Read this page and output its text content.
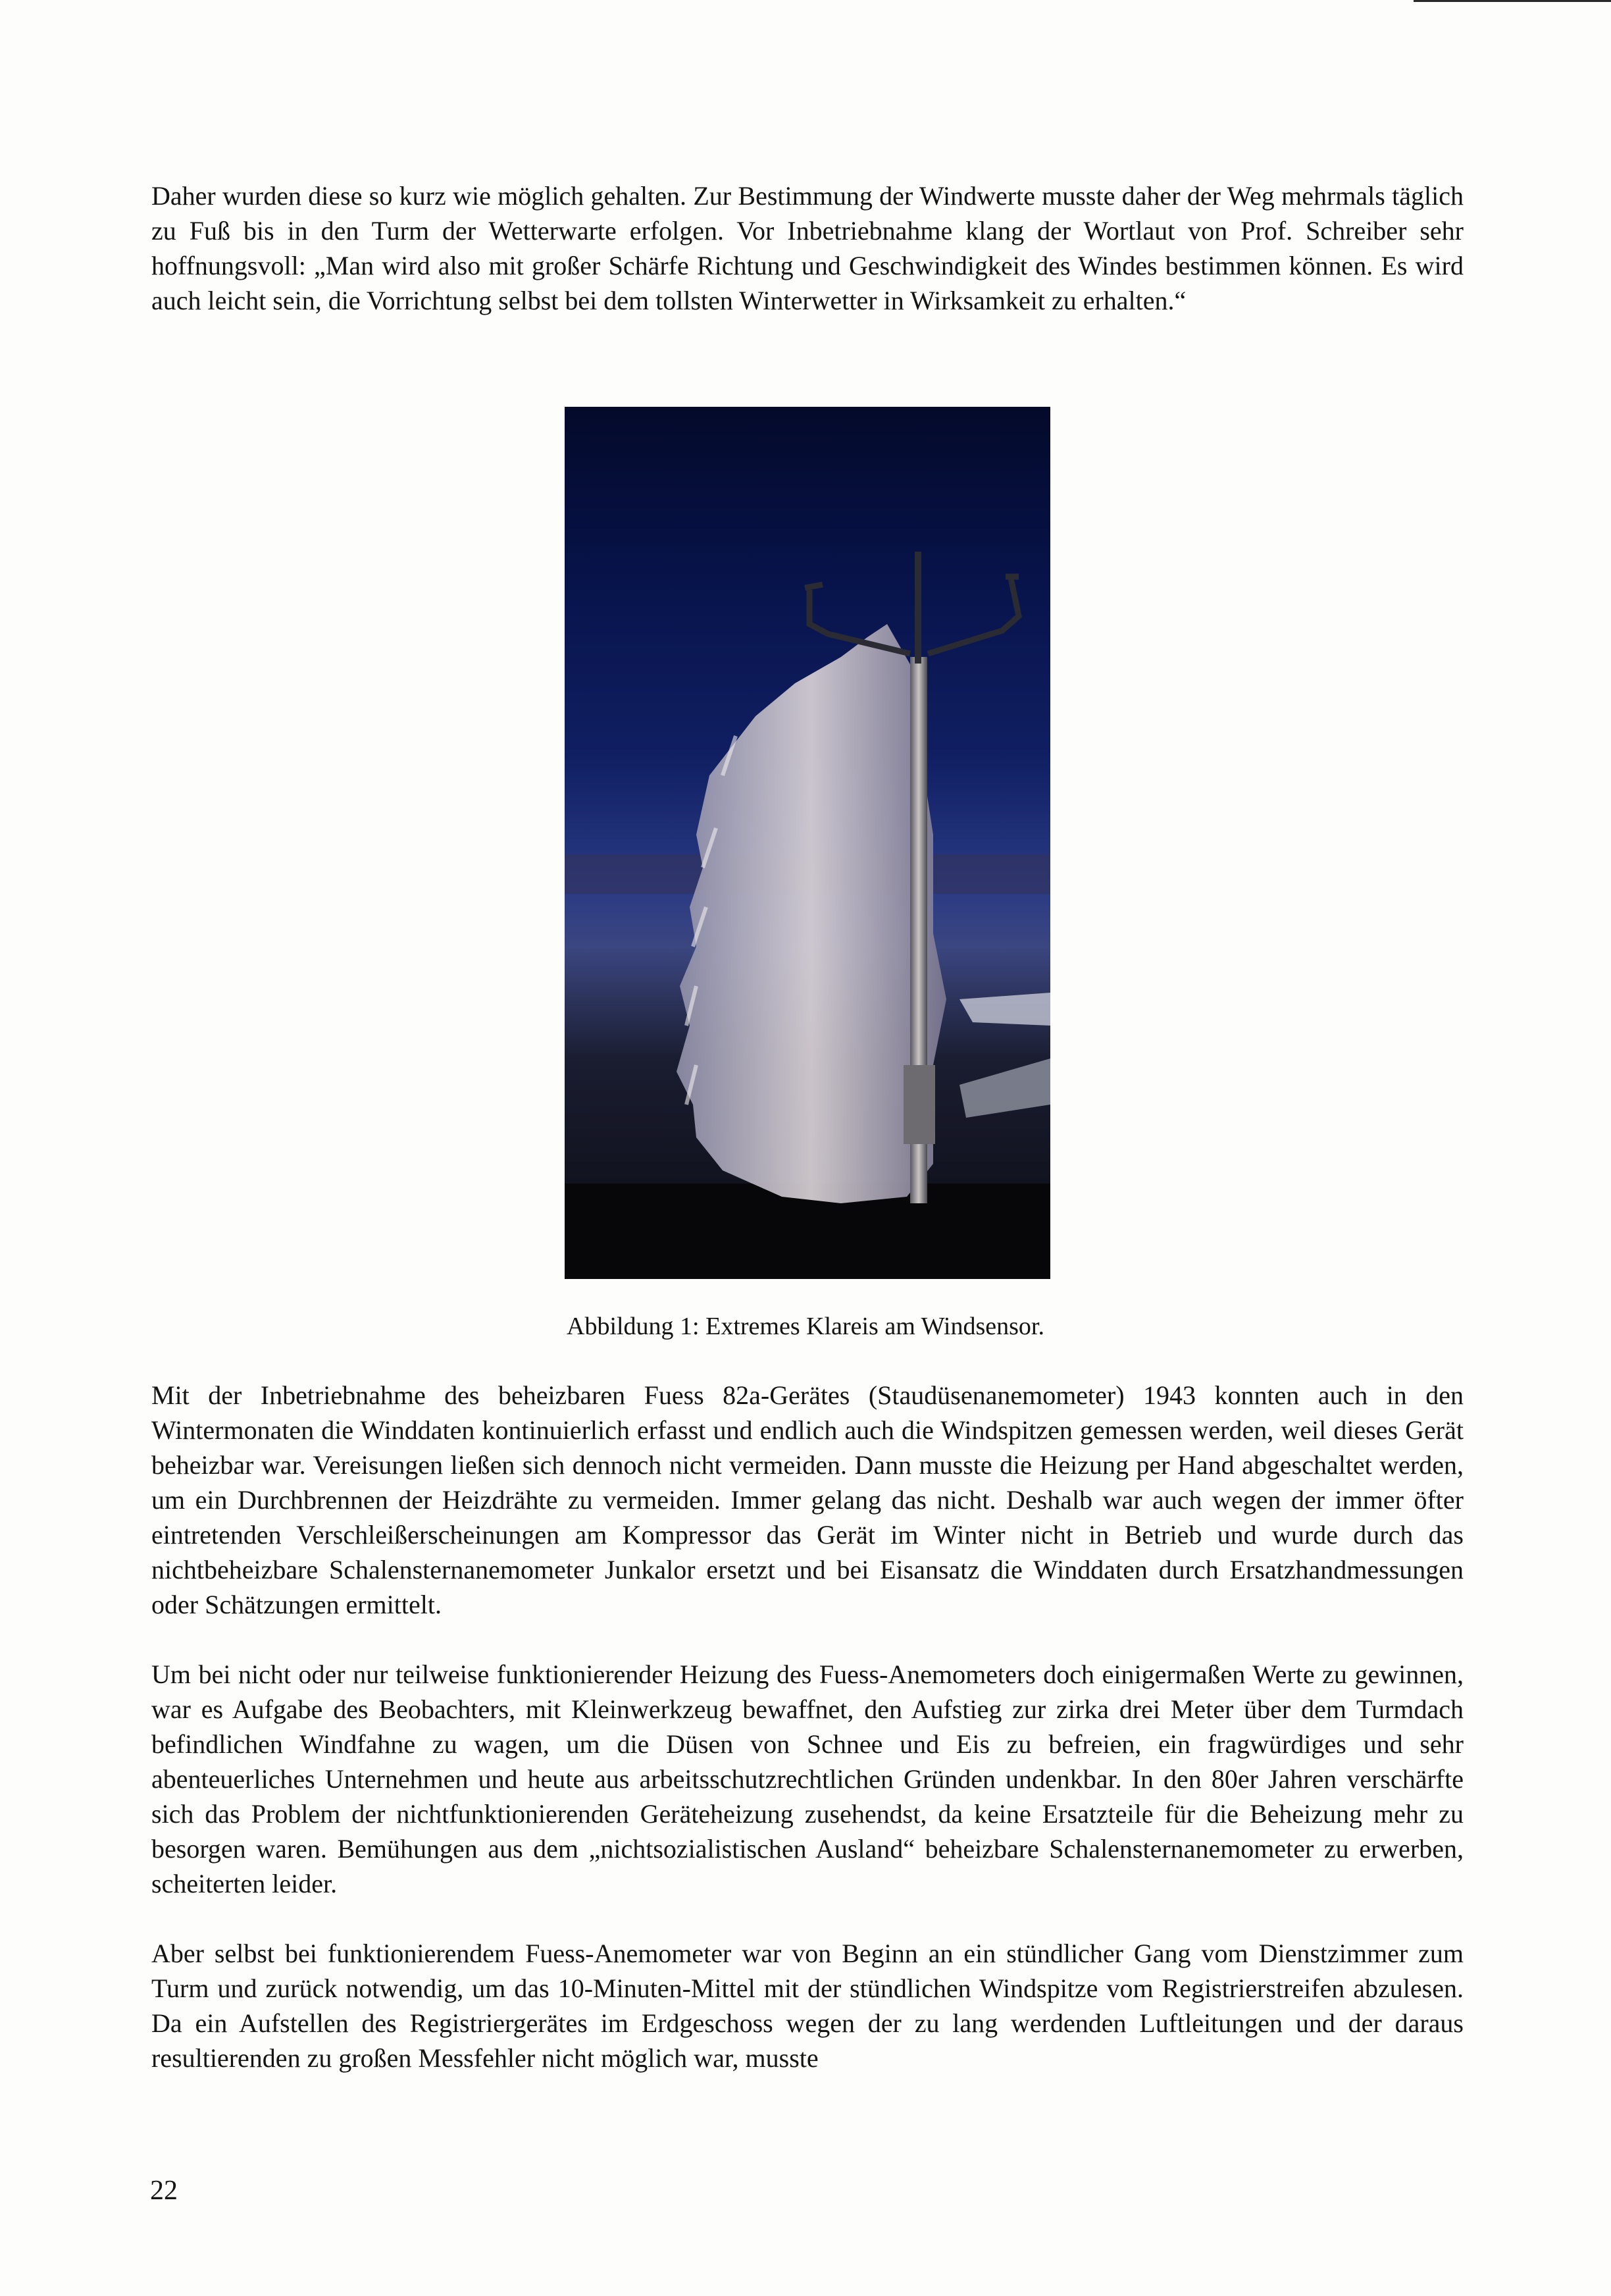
Daher wurden diese so kurz wie möglich gehalten. Zur Bestimmung der Windwerte musste daher der Weg mehrmals täglich zu Fuß bis in den Turm der Wetterwarte erfolgen. Vor Inbetriebnahme klang der Wortlaut von Prof. Schreiber sehr hoffnungsvoll: „Man wird also mit großer Schärfe Richtung und Geschwindigkeit des Windes bestimmen können. Es wird auch leicht sein, die Vorrichtung selbst bei dem tollsten Winterwetter in Wirksamkeit zu erhalten.“

Abbildung 1: Extremes Klareis am Windsensor.

Mit der Inbetriebnahme des beheizbaren Fuess 82a-Gerätes (Staudüsenanemometer) 1943 konnten auch in den Wintermonaten die Winddaten kontinuierlich erfasst und endlich auch die Windspitzen gemessen werden, weil dieses Gerät beheizbar war. Vereisungen ließen sich dennoch nicht vermeiden. Dann musste die Heizung per Hand abgeschaltet werden, um ein Durchbrennen der Heizdrähte zu vermeiden. Immer gelang das nicht. Deshalb war auch wegen der immer öfter eintretenden Verschleißerscheinungen am Kompressor das Gerät im Winter nicht in Betrieb und wurde durch das nichtbeheizbare Schalensternanemometer Junkalor ersetzt und bei Eisansatz die Winddaten durch Ersatzhandmessungen oder Schätzungen ermittelt.

Um bei nicht oder nur teilweise funktionierender Heizung des Fuess-Anemometers doch einigermaßen Werte zu gewinnen, war es Aufgabe des Beobachters, mit Kleinwerkzeug bewaffnet, den Aufstieg zur zirka drei Meter über dem Turmdach befindlichen Windfahne zu wagen, um die Düsen von Schnee und Eis zu befreien, ein fragwürdiges und sehr abenteuerliches Unternehmen und heute aus arbeitsschutzrechtlichen Gründen undenkbar. In den 80er Jahren verschärfte sich das Problem der nichtfunktionierenden Geräteheizung zusehendst, da keine Ersatzteile für die Beheizung mehr zu besorgen waren. Bemühungen aus dem „nichtsozialistischen Ausland“ beheizbare Schalensternanemometer zu erwerben, scheiterten leider.

Aber selbst bei funktionierendem Fuess-Anemometer war von Beginn an ein stündlicher Gang vom Dienstzimmer zum Turm und zurück notwendig, um das 10-Minuten-Mittel mit der stündlichen Windspitze vom Registrierstreifen abzulesen. Da ein Aufstellen des Registriergerätes im Erdgeschoss wegen der zu lang werdenden Luftleitungen und der daraus resultierenden zu großen Messfehler nicht möglich war, musste

22
